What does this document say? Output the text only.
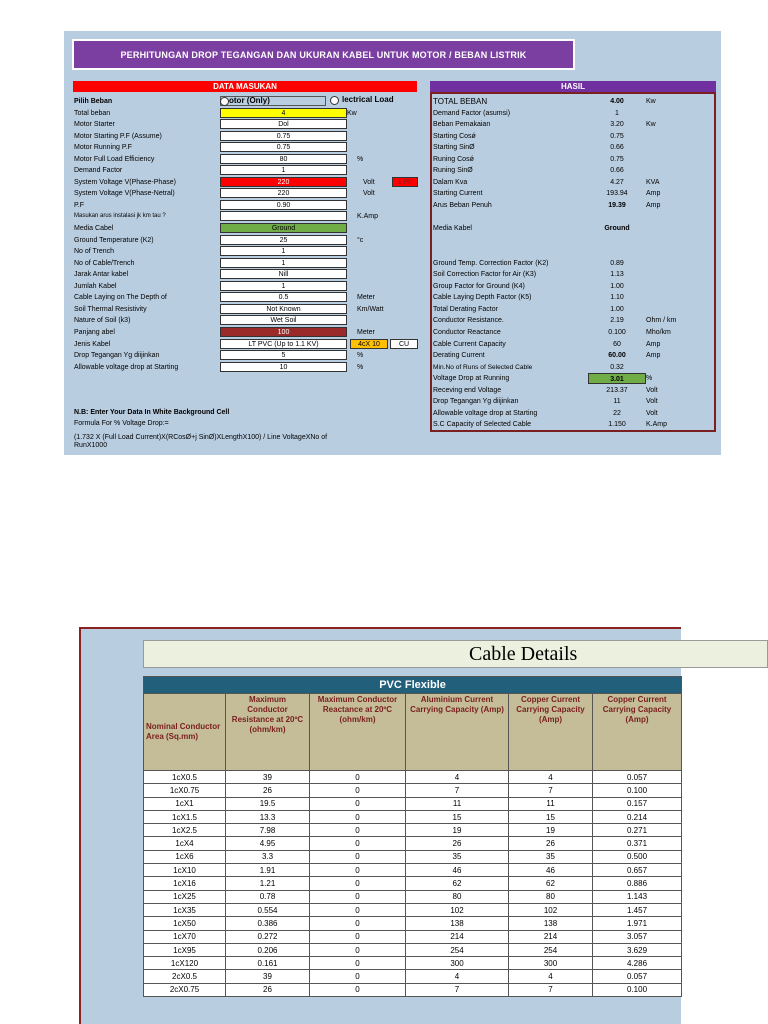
PERHITUNGAN DROP TEGANGAN DAN UKURAN KABEL UNTUK MOTOR / BEBAN LISTRIK
DATA MASUKAN	HASIL
Pilih Beban	otor (Only)	lectrical Load
Total beban	4	Kw
Motor Starter	Dol
Motor Starting P.F (Assume)	0.75
Motor Running P.F	0.75
Motor Full Load Efficiency	80	%
Demand Factor	1
System Voltage V(Phase-Phase)	220	Volt	1 Ph
System Voltage V(Phase-Netral)	220	Volt
P.F	0.90
Masukan arus instalasi jk km tau ?	K.Amp
Media Cabel	Ground
Ground Temperature (K2)	25	°c
No of Trench	1
No of Cable/Trench	1
Jarak Antar kabel	Nill
Jumlah Kabel	1
Cable Laying on The Depth of	0.5	Meter
Soil Thermal Resistivity	Not Known	Km/Watt
Nature of Soil (k3)	Wet Soil
Panjang abel	100	Meter
Jenis Kabel	LT PVC (Up to 1.1 KV)	4cX 10	CU
Drop Tegangan Yg diijinkan	5	%
Allowable voltage drop at Starting	10	%
TOTAL BEBAN	4.00	Kw
Demand Factor (asumsi)	1
Beban Pemakaian	3.20	Kw
Starting Cosǿ	0.75
Starting SinØ	0.66
Runing Cosǿ	0.75
Runing SinØ	0.66
Dalam Kva	4.27	KVA
Starting Current	193.94	Amp
Arus Beban Penuh	19.39	Amp
Media Kabel	Ground
Ground Temp. Correction Factor (K2)	0.89
Soil Correction Factor for Air (K3)	1.13
Group Factor for Ground (K4)	1.00
Cable Laying Depth Factor (K5)	1.10
Total Derating Factor	1.00
Conductor Resistance.	2.19	Ohm / km
Conductor Reactance	0.100	Mho/km
Cable Current Capacity	60	Amp
Derating Current	60.00	Amp
Min.No of Runs of Selected Cable	0.32
Voltage Drop at Running	3.01	%
Receving end Voltage	213.37	Volt
Drop Tegangan Yg diijinkan	11	Volt
Allowable voltage drop at Starting	22	Volt
S.C Capacity of Selected Cable	1.150	K.Amp
N.B: Enter Your Data In White Background Cell
Formula For % Voltage Drop:=
(1.732 X (Full Load Current)X(RCosØ+j SinØ)XLengthX100) / Line VoltageXNo of RunX1000
Cable Details
PVC Flexible					
Nominal Conductor Area (Sq.mm)	Maximum Conductor Resistance at 20ºC (ohm/km)	Maximum Conductor Reactance at 20ºC (ohm/km)	Aluminium Current Carrying Capacity (Amp)	Copper Current Carrying Capacity (Amp)	Copper Current Carrying Capacity (Amp)
1cX0.5	39	0	4	4	0.057
1cX0.75	26	0	7	7	0.100
1cX1	19.5	0	11	11	0.157
1cX1.5	13.3	0	15	15	0.214
1cX2.5	7.98	0	19	19	0.271
1cX4	4.95	0	26	26	0.371
1cX6	3.3	0	35	35	0.500
1cX10	1.91	0	46	46	0.657
1cX16	1.21	0	62	62	0.886
1cX25	0.78	0	80	80	1.143
1cX35	0.554	0	102	102	1.457
1cX50	0.386	0	138	138	1.971
1cX70	0.272	0	214	214	3.057
1cX95	0.206	0	254	254	3.629
1cX120	0.161	0	300	300	4.286
2cX0.5	39	0	4	4	0.057
2cX0.75	26	0	7	7	0.100
